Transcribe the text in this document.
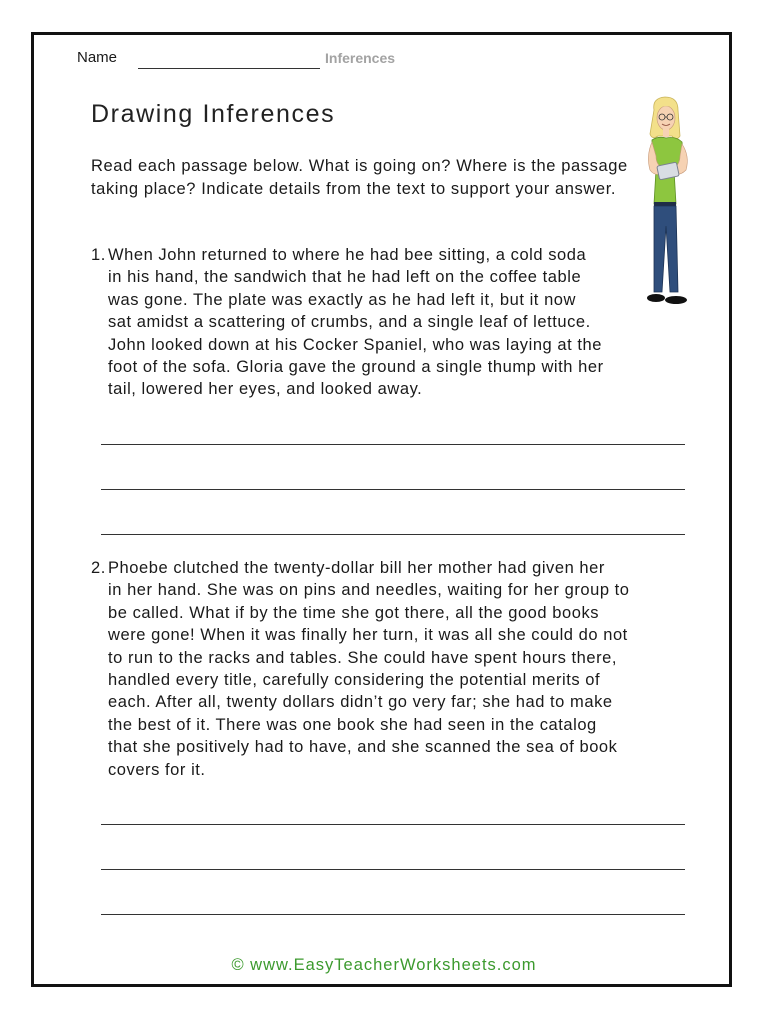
Name	Inferences
Drawing Inferences
Read each passage below. What is going on? Where is the passage taking place? Indicate details from the text to support your answer.
1. When John returned to where he had bee sitting, a cold soda
in his hand, the sandwich that he had left on the coffee table
was gone. The plate was exactly as he had left it, but it now
sat amidst a scattering of crumbs, and a single leaf of lettuce.
John looked down at his Cocker Spaniel, who was laying at the
foot of the sofa. Gloria gave the ground a single thump with her
tail, lowered her eyes, and looked away.
2. Phoebe clutched the twenty-dollar bill her mother had given her
in her hand. She was on pins and needles, waiting for her group to
be called. What if by the time she got there, all the good books
were gone! When it was finally her turn, it was all she could do not
to run to the racks and tables. She could have spent hours there,
handled every title, carefully considering the potential merits of
each. After all, twenty dollars didn’t go very far; she had to make
the best of it. There was one book she had seen in the catalog
that she positively had to have, and she scanned the sea of book
covers for it.
© www.EasyTeacherWorksheets.com
